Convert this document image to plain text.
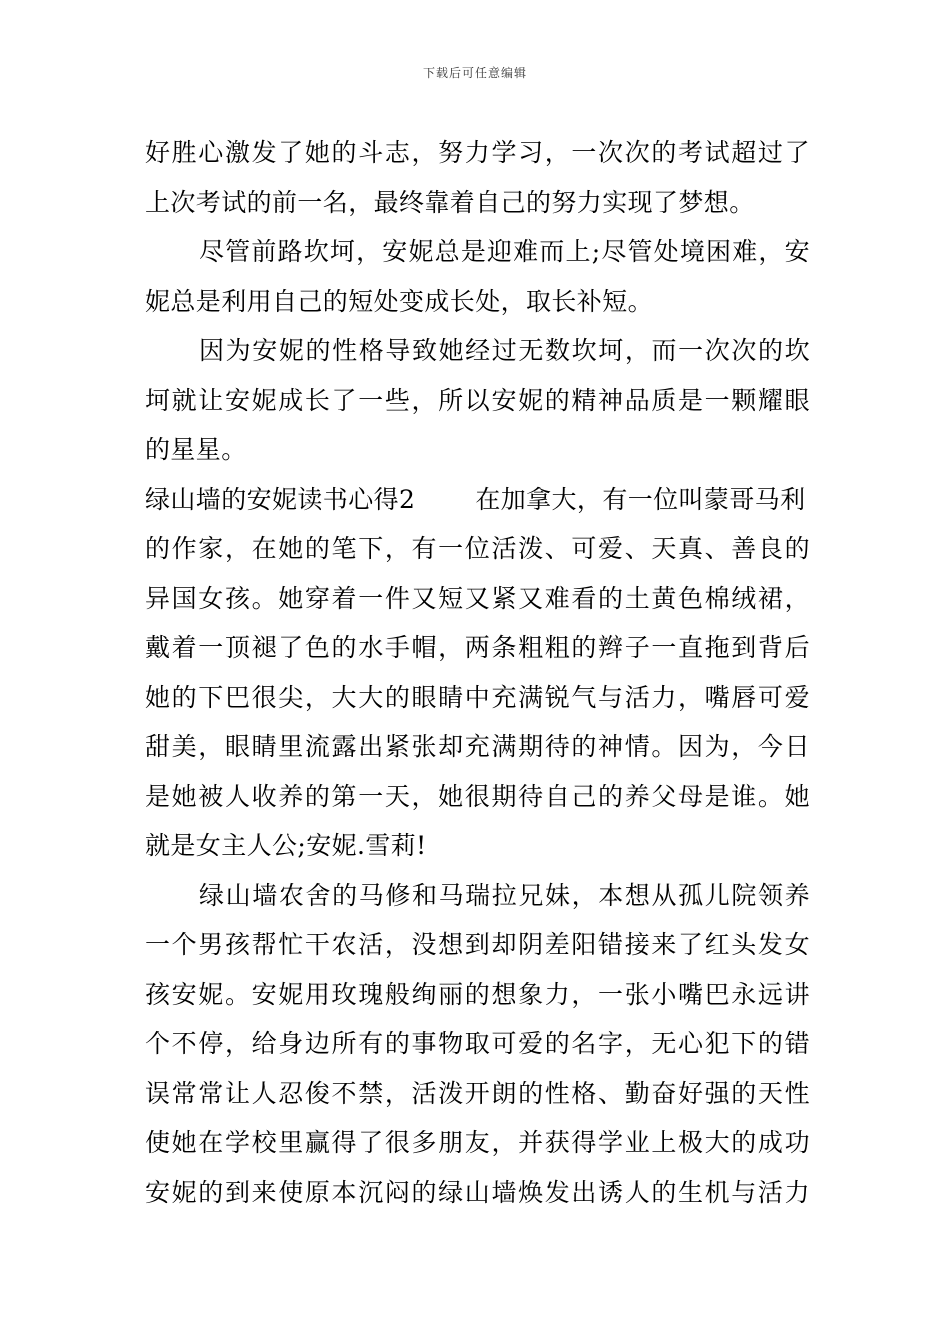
下载后可任意编辑
好胜心激发了她的斗志，努力学习，一次次的考试超过了
上次考试的前一名，最终靠着自己的努力实现了梦想。
尽管前路坎坷，安妮总是迎难而上;尽管处境困难，安
妮总是利用自己的短处变成长处，取长补短。
因为安妮的性格导致她经过无数坎坷，而一次次的坎
坷就让安妮成长了一些，所以安妮的精神品质是一颗耀眼
的星星。
绿山墙的安妮读书心得2 在加拿大，有一位叫蒙哥马利
的作家，在她的笔下，有一位活泼、可爱、天真、善良的
异国女孩。她穿着一件又短又紧又难看的土黄色棉绒裙，
戴着一顶褪了色的水手帽，两条粗粗的辫子一直拖到背后
她的下巴很尖，大大的眼睛中充满锐气与活力，嘴唇可爱
甜美，眼睛里流露出紧张却充满期待的神情。因为，今日
是她被人收养的第一天，她很期待自己的养父母是谁。她
就是女主人公;安妮.雪莉!
绿山墙农舍的马修和马瑞拉兄妹，本想从孤儿院领养
一个男孩帮忙干农活，没想到却阴差阳错接来了红头发女
孩安妮。安妮用玫瑰般绚丽的想象力，一张小嘴巴永远讲
个不停，给身边所有的事物取可爱的名字，无心犯下的错
误常常让人忍俊不禁，活泼开朗的性格、勤奋好强的天性
使她在学校里赢得了很多朋友，并获得学业上极大的成功
安妮的到来使原本沉闷的绿山墙焕发出诱人的生机与活力
